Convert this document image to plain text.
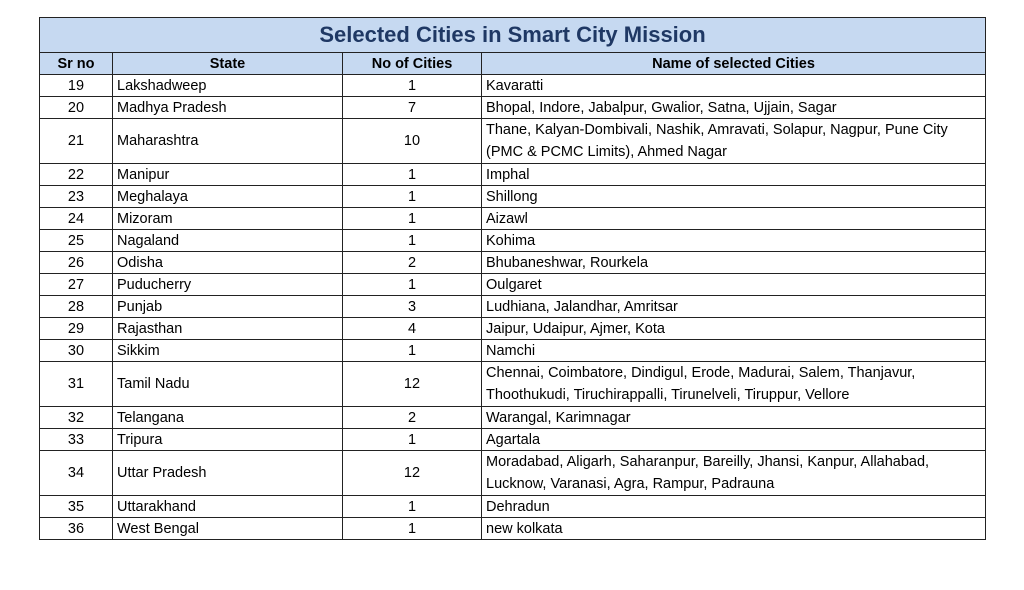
Selected Cities in Smart City Mission			
Sr no	State	No of Cities	Name of selected Cities
19	Lakshadweep	1	Kavaratti
20	Madhya Pradesh	7	Bhopal, Indore, Jabalpur, Gwalior, Satna, Ujjain, Sagar
21	Maharashtra	10	Thane, Kalyan-Dombivali, Nashik, Amravati, Solapur, Nagpur, Pune City (PMC & PCMC Limits), Ahmed Nagar
22	Manipur	1	Imphal
23	Meghalaya	1	Shillong
24	Mizoram	1	Aizawl
25	Nagaland	1	Kohima
26	Odisha	2	Bhubaneshwar, Rourkela
27	Puducherry	1	Oulgaret
28	Punjab	3	Ludhiana, Jalandhar, Amritsar
29	Rajasthan	4	Jaipur, Udaipur, Ajmer, Kota
30	Sikkim	1	Namchi
31	Tamil Nadu	12	Chennai, Coimbatore, Dindigul, Erode, Madurai, Salem, Thanjavur, Thoothukudi, Tiruchirappalli, Tirunelveli, Tiruppur, Vellore
32	Telangana	2	Warangal, Karimnagar
33	Tripura	1	Agartala
34	Uttar Pradesh	12	Moradabad, Aligarh, Saharanpur, Bareilly, Jhansi, Kanpur, Allahabad, Lucknow, Varanasi, Agra, Rampur, Padrauna
35	Uttarakhand	1	Dehradun
36	West Bengal	1	new kolkata
